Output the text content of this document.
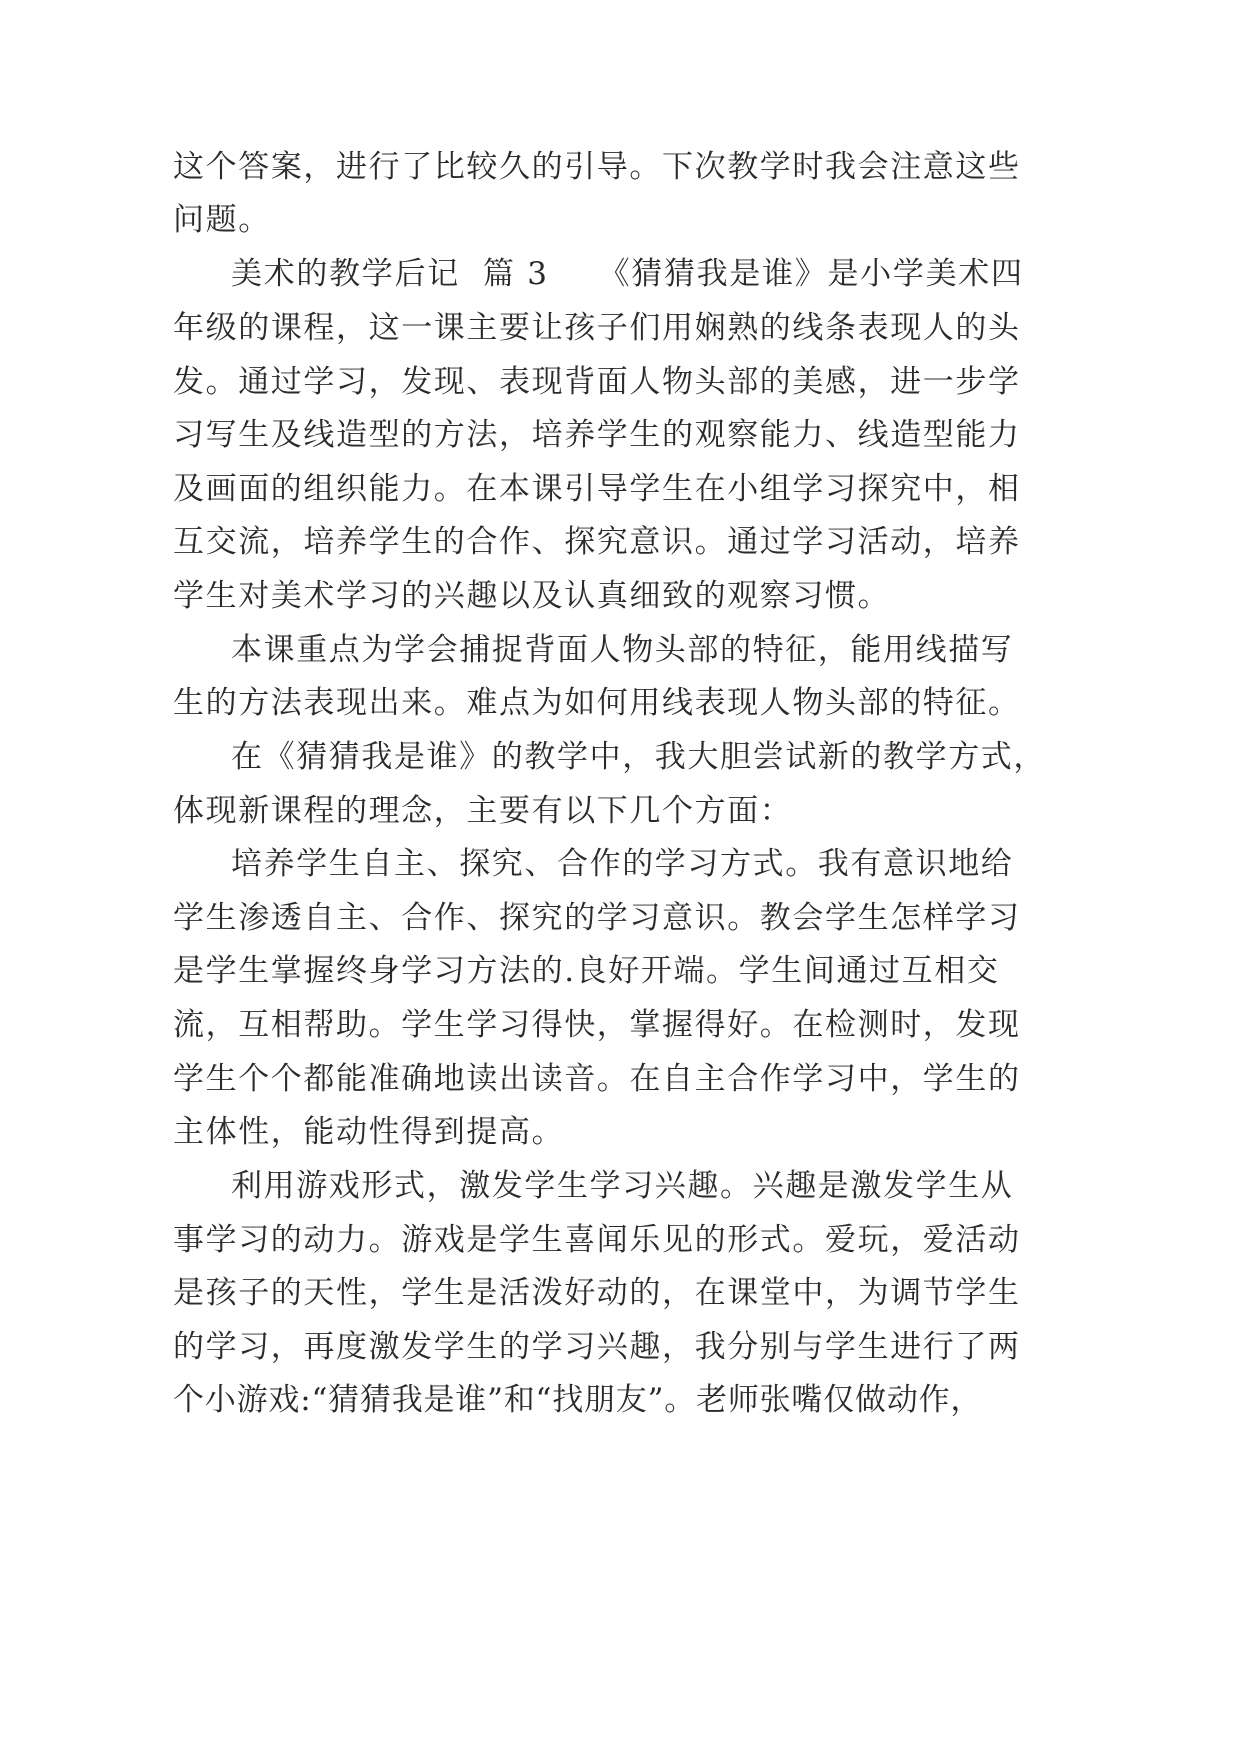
这个答案，进行了比较久的引导。下次教学时我会注意这些
问题。
美术的教学后记  篇 3　　《猜猜我是谁》是小学美术四
年级的课程，这一课主要让孩子们用娴熟的线条表现人的头
发。通过学习，发现、表现背面人物头部的美感，进一步学
习写生及线造型的方法，培养学生的观察能力、线造型能力
及画面的组织能力。在本课引导学生在小组学习探究中，相
互交流，培养学生的合作、探究意识。通过学习活动，培养
学生对美术学习的兴趣以及认真细致的观察习惯。
本课重点为学会捕捉背面人物头部的特征，能用线描写
生的方法表现出来。难点为如何用线表现人物头部的特征。
在《猜猜我是谁》的教学中，我大胆尝试新的教学方式，
体现新课程的理念，主要有以下几个方面：
培养学生自主、探究、合作的学习方式。我有意识地给
学生渗透自主、合作、探究的学习意识。教会学生怎样学习
是学生掌握终身学习方法的.良好开端。学生间通过互相交
流，互相帮助。学生学习得快，掌握得好。在检测时，发现
学生个个都能准确地读出读音。在自主合作学习中，学生的
主体性，能动性得到提高。
利用游戏形式，激发学生学习兴趣。兴趣是激发学生从
事学习的动力。游戏是学生喜闻乐见的形式。爱玩，爱活动
是孩子的天性，学生是活泼好动的，在课堂中，为调节学生
的学习，再度激发学生的学习兴趣，我分别与学生进行了两
个小游戏:“猜猜我是谁”和“找朋友”。老师张嘴仅做动作，
